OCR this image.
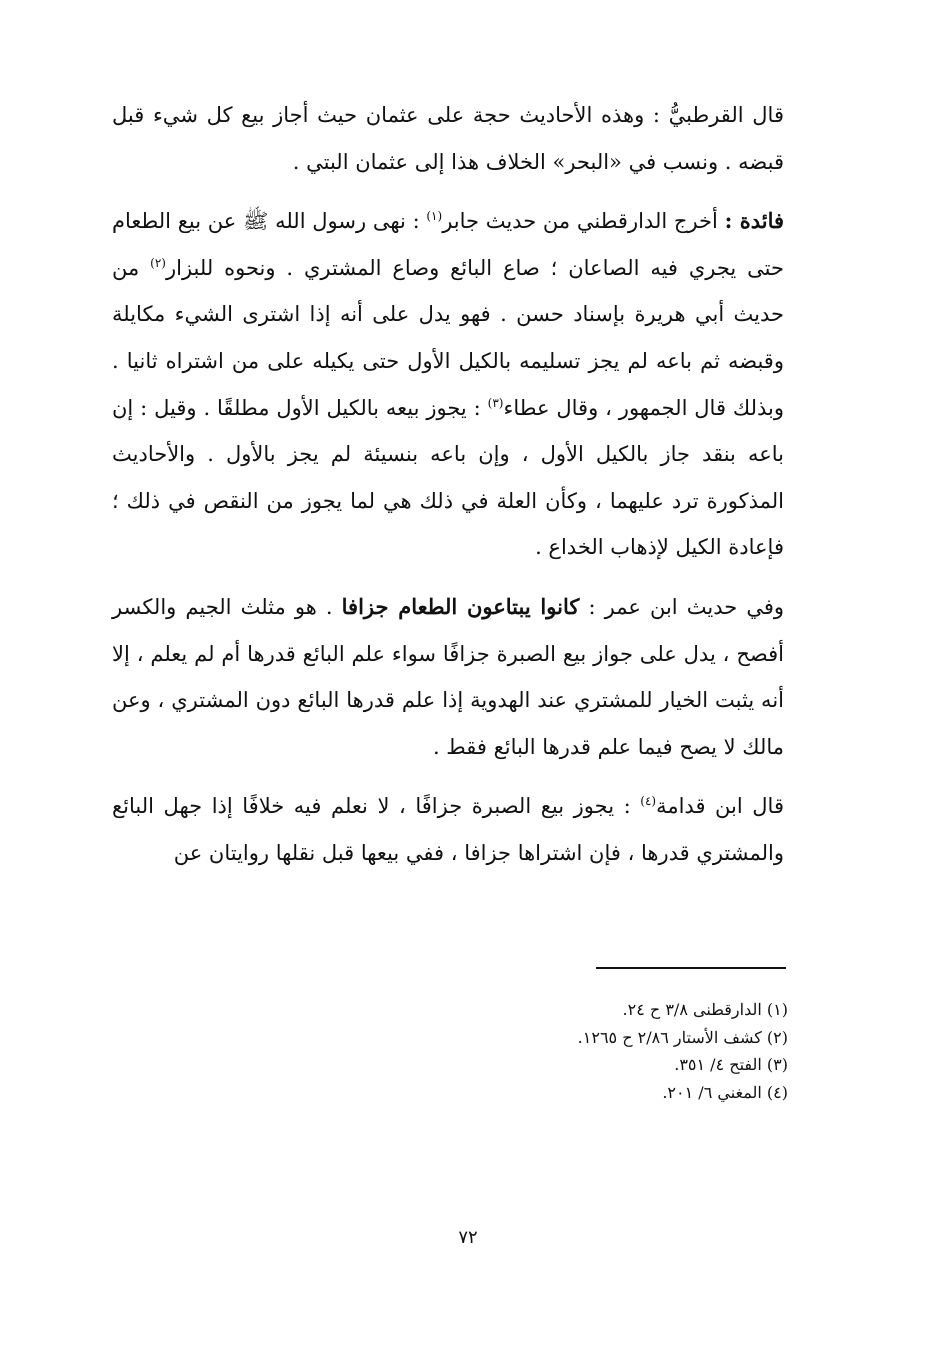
قال القرطبيُّ : وهذه الأحاديث حجة على عثمان حيث أجاز بيع كل شيء قبل قبضه . ونسب في «البحر» الخلاف هذا إلى عثمان البتي .

فائدة : أخرج الدارقطني من حديث جابر$^{(١)}$ : نهى رسول الله ﷺ عن بيع الطعام حتى يجري فيه الصاعان ؛ صاع البائع وصاع المشتري . ونحوه للبزار$^{(٢)}$ من حديث أبي هريرة بإسناد حسن . فهو يدل على أنه إذا اشترى الشيء مكايلة وقبضه ثم باعه لم يجز تسليمه بالكيل الأول حتى يكيله على من اشتراه ثانيا . وبذلك قال الجمهور ، وقال عطاء$^{(٣)}$ : يجوز بيعه بالكيل الأول مطلقًا . وقيل : إن باعه بنقد جاز بالكيل الأول ، وإن باعه بنسيئة لم يجز بالأول . والأحاديث المذكورة ترد عليهما ، وكأن العلة في ذلك هي لما يجوز من النقص في ذلك ؛ فإعادة الكيل لإذهاب الخداع .

وفي حديث ابن عمر : كانوا يبتاعون الطعام جزافا . هو مثلث الجيم والكسر أفصح ، يدل على جواز بيع الصبرة جزافًا سواء علم البائع قدرها أم لم يعلم ، إلا أنه يثبت الخيار للمشتري عند الهدوية إذا علم قدرها البائع دون المشتري ، وعن مالك لا يصح فيما علم قدرها البائع فقط .

قال ابن قدامة$^{(٤)}$ : يجوز بيع الصبرة جزافًا ، لا نعلم فيه خلافًا إذا جهل البائع والمشتري قدرها ، فإن اشتراها جزافا ، ففي بيعها قبل نقلها روايتان عن

(١) الدارقطنى ٣/٨ ح ٢٤.
(٢) كشف الأستار ٢/٨٦ ح ١٢٦٥.
(٣) الفتح ٤/ ٣٥١.
(٤) المغني ٦/ ٢٠١.
٧٢
